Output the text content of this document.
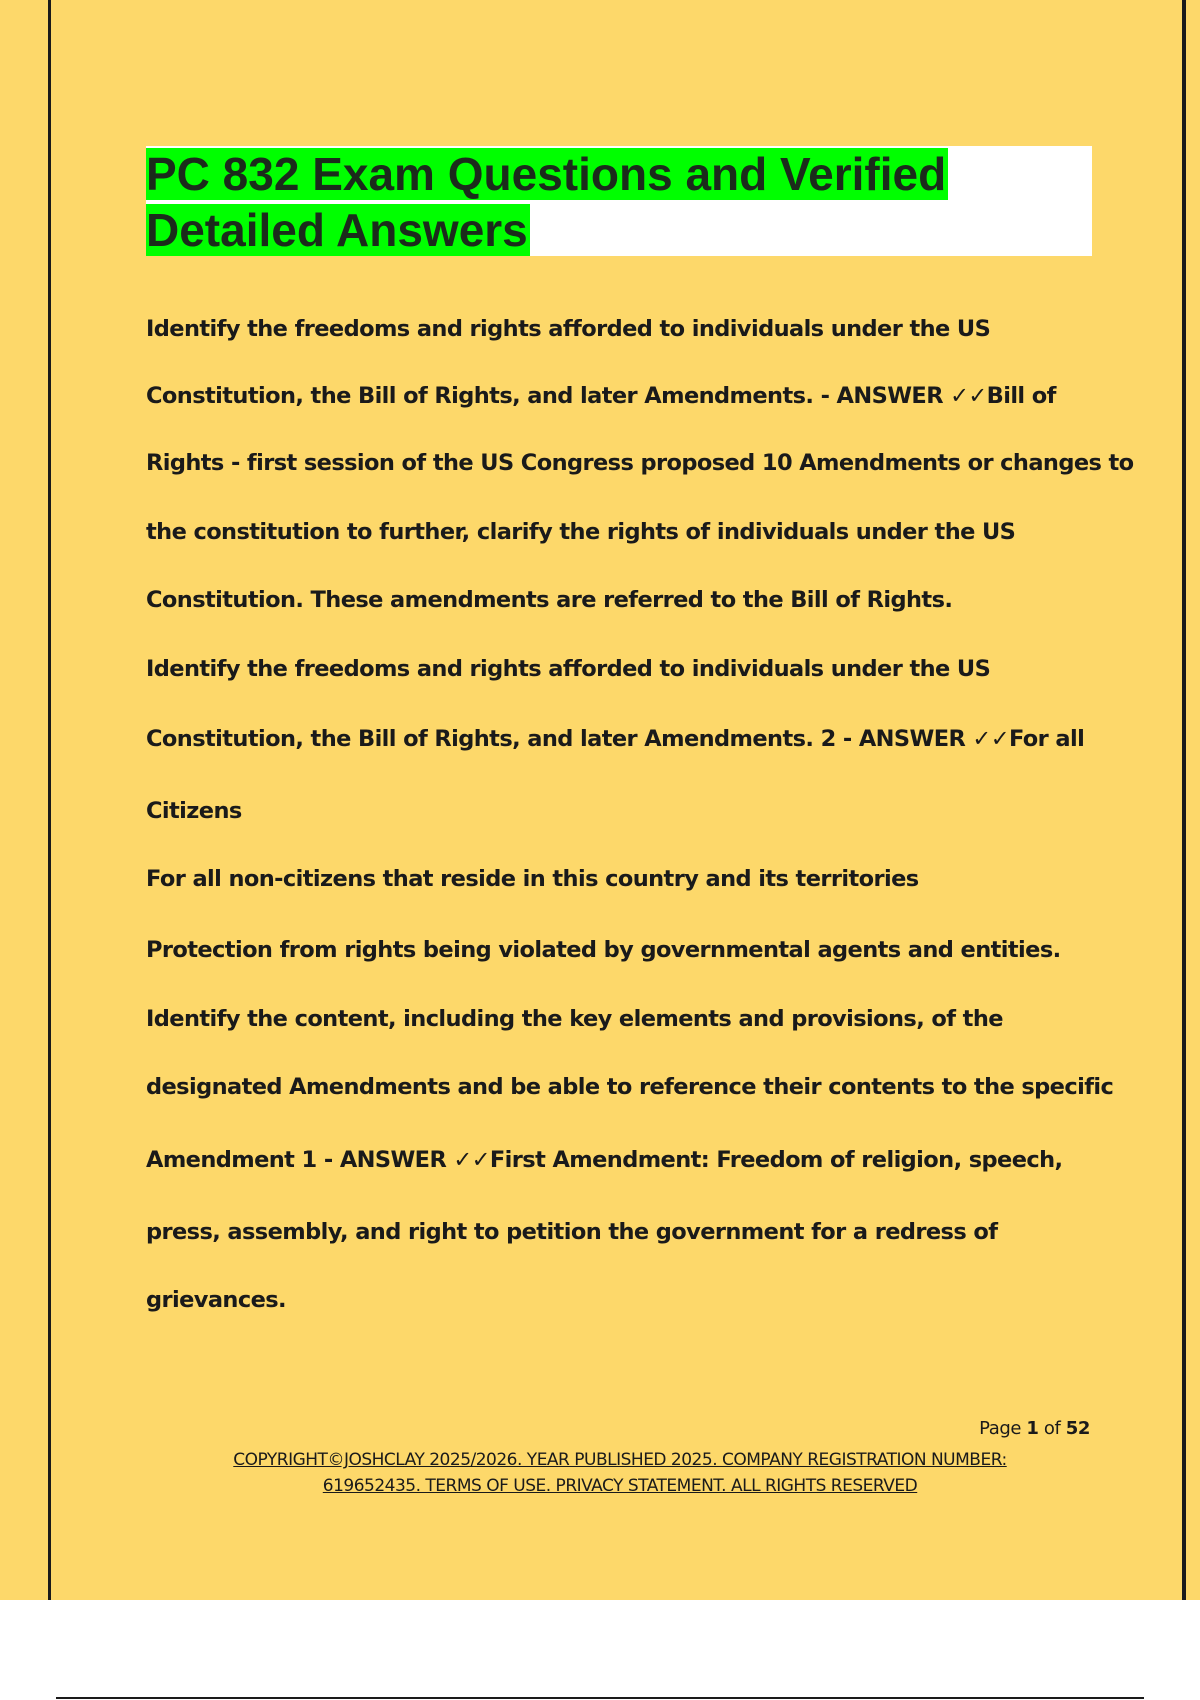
PC 832 Exam Questions and Verified
Detailed Answers

Identify the freedoms and rights afforded to individuals under the US

Constitution, the Bill of Rights, and later Amendments. - ANSWER ✓✓Bill of

Rights - first session of the US Congress proposed 10 Amendments or changes to

the constitution to further, clarify the rights of individuals under the US

Constitution. These amendments are referred to the Bill of Rights.

Identify the freedoms and rights afforded to individuals under the US

Constitution, the Bill of Rights, and later Amendments. 2 - ANSWER ✓✓For all

Citizens

For all non-citizens that reside in this country and its territories

Protection from rights being violated by governmental agents and entities.

Identify the content, including the key elements and provisions, of the

designated Amendments and be able to reference their contents to the specific

Amendment 1 - ANSWER ✓✓First Amendment: Freedom of religion, speech,

press, assembly, and right to petition the government for a redress of

grievances.

Page 1 of 52
COPYRIGHT©JOSHCLAY 2025/2026. YEAR PUBLISHED 2025. COMPANY REGISTRATION NUMBER:
619652435. TERMS OF USE. PRIVACY STATEMENT. ALL RIGHTS RESERVED
